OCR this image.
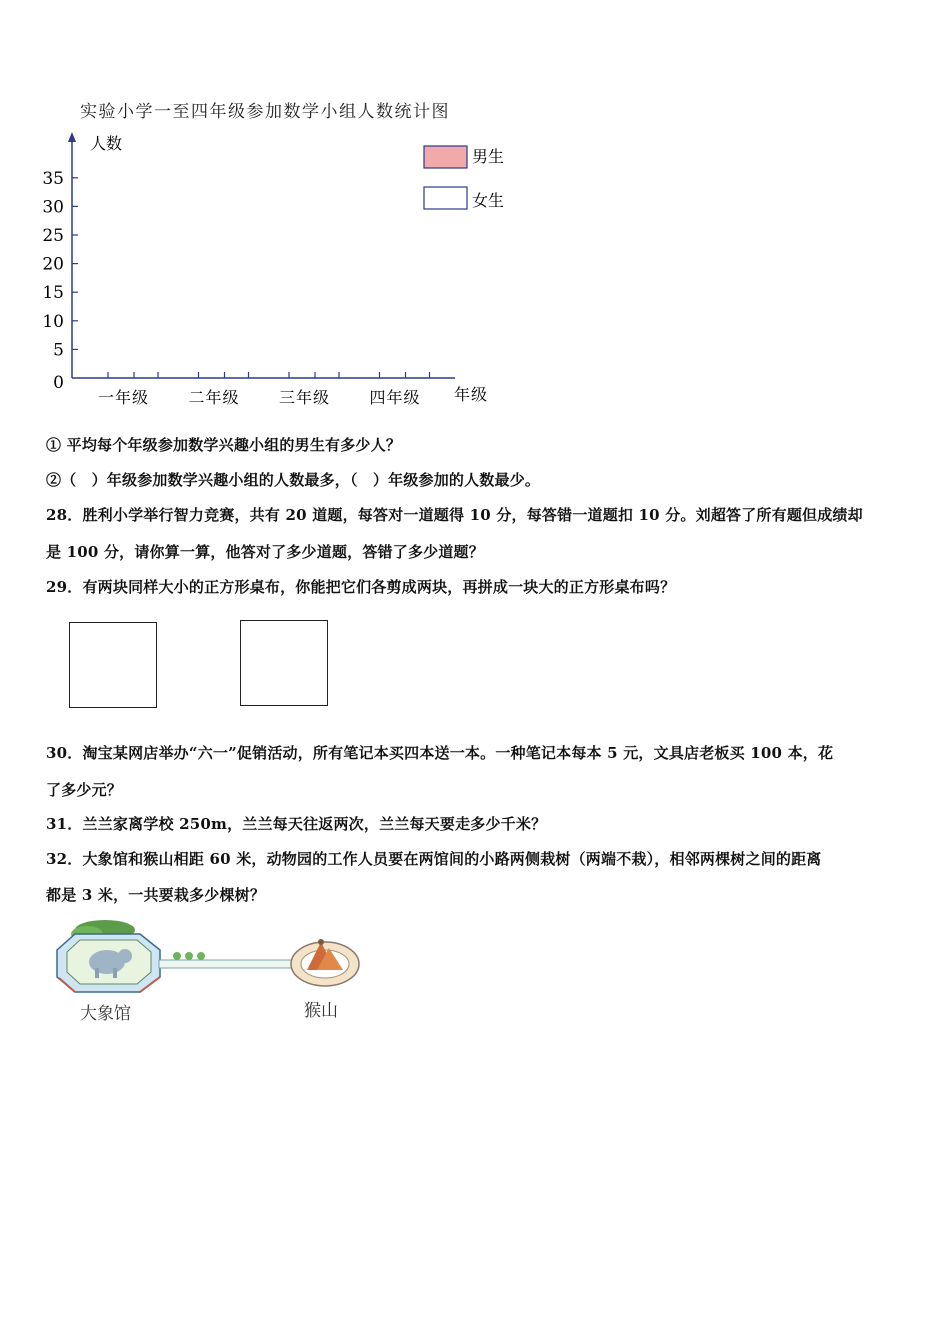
实验小学一至四年级参加数学小组人数统计图
人数
0
5
10
15
20
25
30
35
一年级 二年级 三年级 四年级 年级
男生
女生
① 平均每个年级参加数学兴趣小组的男生有多少人？
②（　）年级参加数学兴趣小组的人数最多，（　）年级参加的人数最少。
28．胜利小学举行智力竞赛，共有 20 道题，每答对一道题得 10 分，每答错一道题扣 10 分。刘超答了所有题但成绩却
是 100 分，请你算一算，他答对了多少道题，答错了多少道题？
29．有两块同样大小的正方形桌布，你能把它们各剪成两块，再拼成一块大的正方形桌布吗？
30．淘宝某网店举办“六一”促销活动，所有笔记本买四本送一本。一种笔记本每本 5 元，文具店老板买 100 本，花
了多少元？
31．兰兰家离学校 250m，兰兰每天往返两次，兰兰每天要走多少千米？
32．大象馆和猴山相距 60 米，动物园的工作人员要在两馆间的小路两侧栽树（两端不栽），相邻两棵树之间的距离
都是 3 米，一共要栽多少棵树？
大象馆	猴山
